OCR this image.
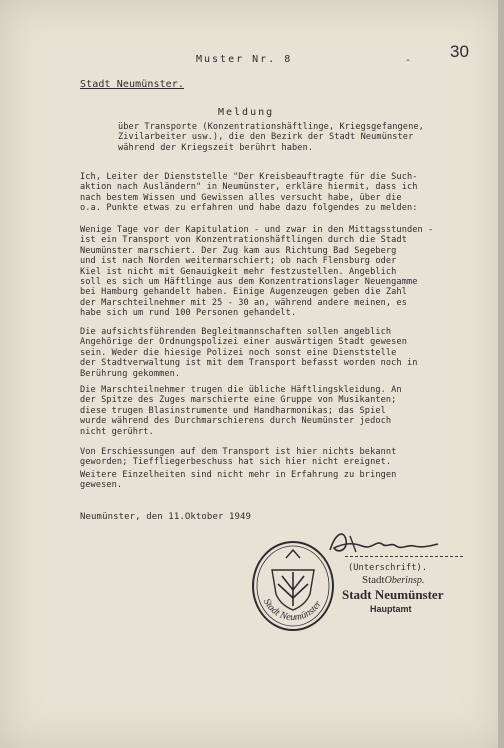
Muster Nr. 8	- 30
Stadt Neumünster.
Meldung
über Transporte (Konzentrationshäftlinge, Kriegsgefangene,
Zivilarbeiter usw.), die den Bezirk der Stadt Neumünster
während der Kriegszeit berührt haben.
Ich, Leiter der Dienststelle "Der Kreisbeauftragte für die Such-
aktion nach Ausländern" in Neumünster, erkläre hiermit, dass ich
nach bestem Wissen und Gewissen alles versucht habe, über die
o.a. Punkte etwas zu erfahren und habe dazu folgendes zu melden:
Wenige Tage vor der Kapitulation - und zwar in den Mittagsstunden -
ist ein Transport von Konzentrationshäftlingen durch die Stadt
Neumünster marschiert. Der Zug kam aus Richtung Bad Segeberg
und ist nach Norden weitermarschiert; ob nach Flensburg oder
Kiel ist nicht mit Genauigkeit mehr festzustellen. Angeblich
soll es sich um Häftlinge aus dem Konzentrationslager Neuengamme
bei Hamburg gehandelt haben. Einige Augenzeugen geben die Zahl
der Marschteilnehmer mit 25 - 30 an, während andere meinen, es
habe sich um rund 100 Personen gehandelt.
Die aufsichtsführenden Begleitmannschaften sollen angeblich
Angehörige der Ordnungspolizei einer auswärtigen Stadt gewesen
sein. Weder die hiesige Polizei noch sonst eine Dienststelle
der Stadtverwaltung ist mit dem Transport befasst worden noch in
Berührung gekommen.
Die Marschteilnehmer trugen die übliche Häftlingskleidung. An
der Spitze des Zuges marschierte eine Gruppe von Musikanten;
diese trugen Blasinstrumente und Handharmonikas; das Spiel
wurde während des Durchmarschierens durch Neumünster jedoch
nicht gerührt.
Von Erschiessungen auf dem Transport ist hier nichts bekannt
geworden; Tieffliegerbeschuss hat sich hier nicht ereignet.
Weitere Einzelheiten sind nicht mehr in Erfahrung zu bringen
gewesen.
Neumünster, den 11.Oktober 1949
(Unterschrift).
StadtOberinsp.
Stadt Neumünster
Hauptamt
Stadt Neumünster
